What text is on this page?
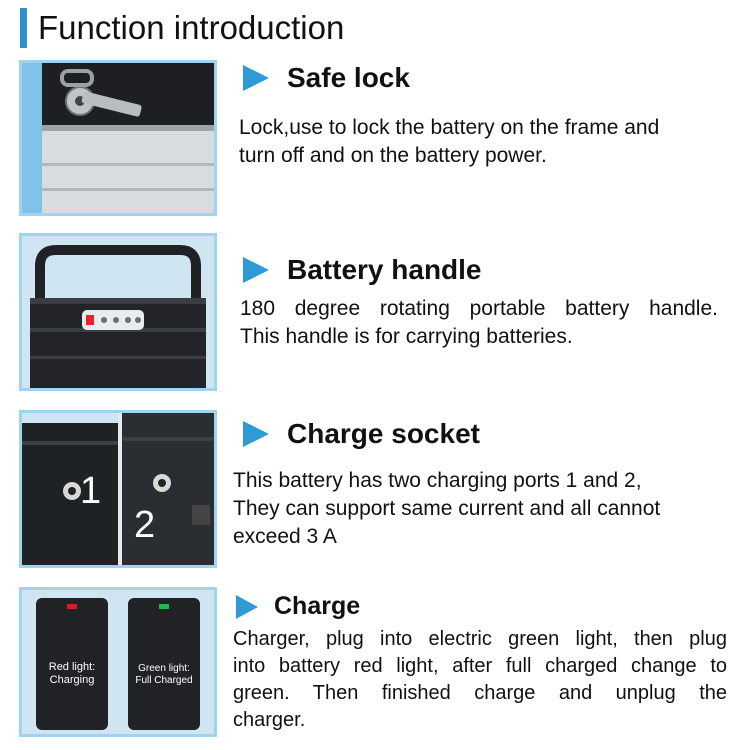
Function introduction
Safe lock
Lock,use to lock the battery on the frame and
turn off and on the battery power.
Battery handle
180 degree rotating portable battery handle.
This handle is for carrying batteries.
1
2
Charge socket
This battery has two charging ports 1 and 2,
They can support same current and all cannot
exceed 3 A
Red light:
Charging
Green light:
Full Charged
Charge
Charger, plug into electric green light, then plug
into battery red light, after full charged change to
green. Then finished charge and unplug the
charger.
